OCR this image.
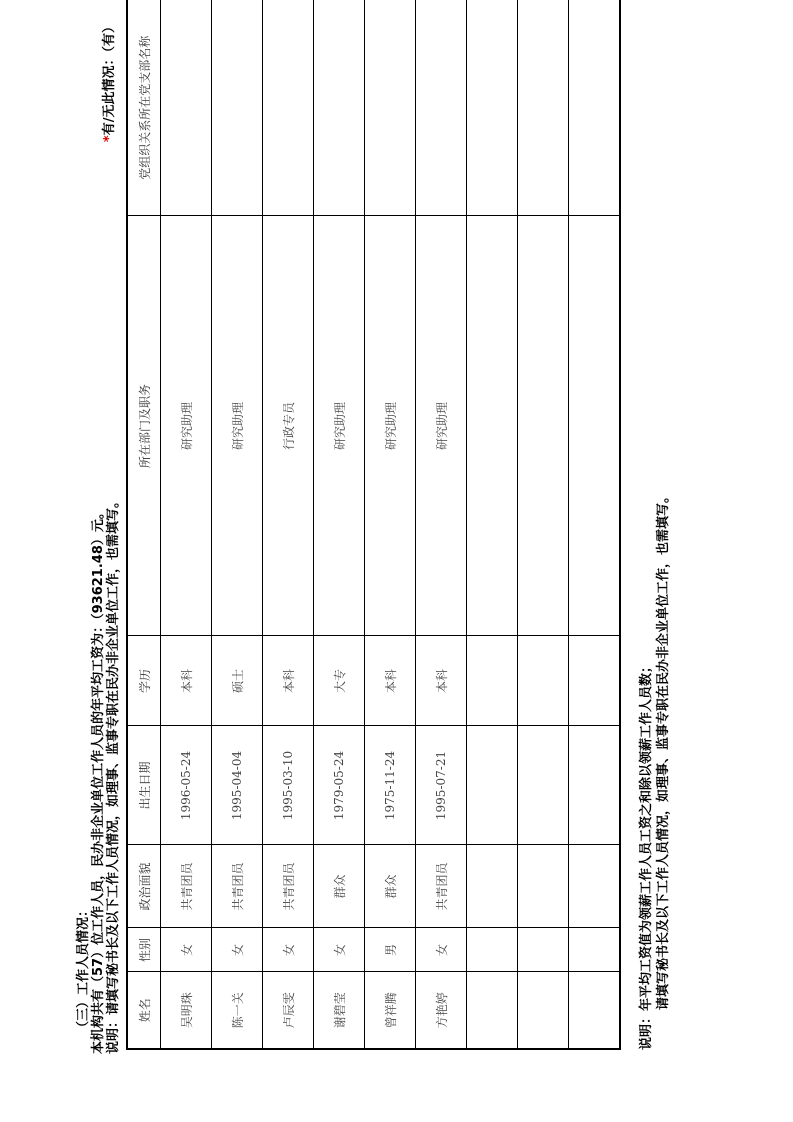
（三）工作人员情况： 本机构共有（57）位工作人员，民办非企业单位工作人员的年平均工资为：（93621.48）元。 说明：请填写秘书长及以下工作人员情况，如理事、监事专职在民办非企业单位工作，也需填写。
*有/无此情况：（有）
姓名	性别	政治面貌	出生日期	学历	所在部门及职务	党组织关系所在党支部名称
吴明珠	女	共青团员	1996-05-24	本科	研究助理	
陈一关	女	共青团员	1995-04-04	硕士	研究助理	
卢辰雯	女	共青团员	1995-03-10	本科	行政专员	
谢碧莹	女	群众	1979-05-24	大专	研究助理	
曾祥腾	男	群众	1975-11-24	本科	研究助理	
方艳婷	女	共青团员	1995-07-21	本科	研究助理	

说明：年平均工资值为领薪工作人员工资之和除以领薪工作人员数； 请填写秘书长及以下工作人员情况，如理事、监事专职在民办非企业单位工作，也需填写。
